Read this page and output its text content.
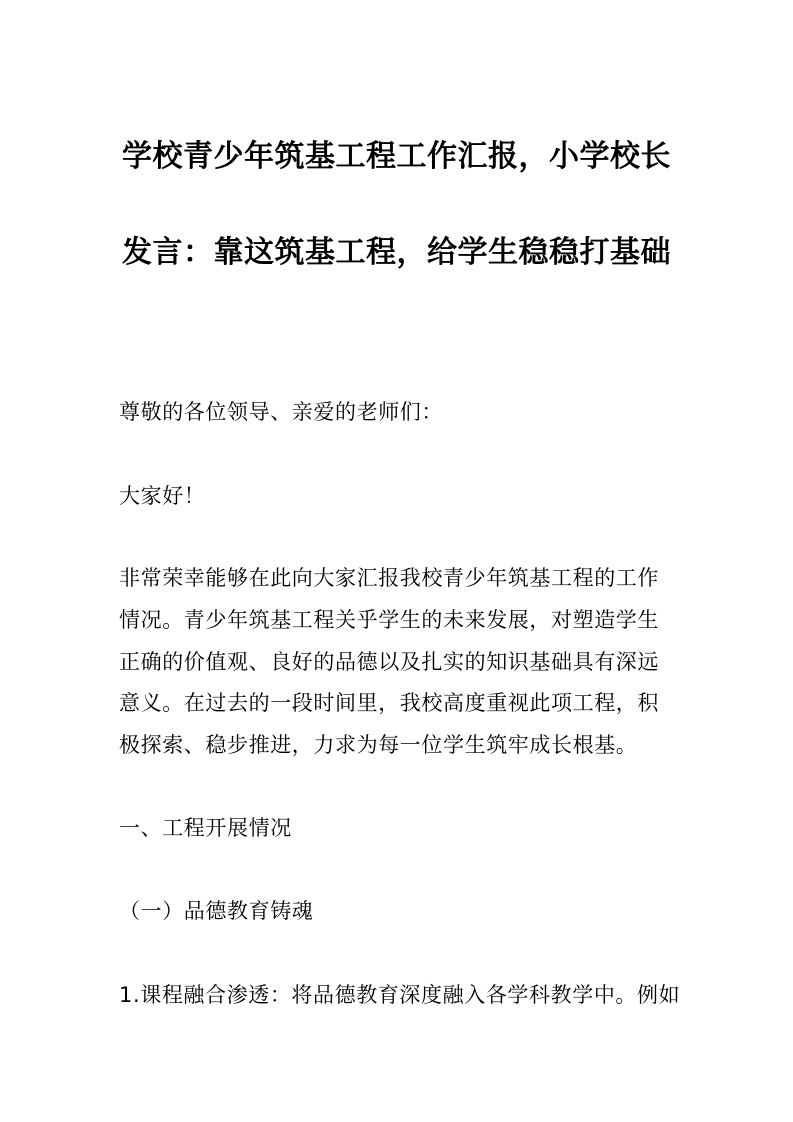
学校青少年筑基工程工作汇报，小学校长
发言：靠这筑基工程，给学生稳稳打基础
尊敬的各位领导、亲爱的老师们：
大家好！
非常荣幸能够在此向大家汇报我校青少年筑基工程的工作
情况。青少年筑基工程关乎学生的未来发展，对塑造学生
正确的价值观、良好的品德以及扎实的知识基础具有深远
意义。在过去的一段时间里，我校高度重视此项工程，积
极探索、稳步推进，力求为每一位学生筑牢成长根基。
一、工程开展情况
（一）品德教育铸魂
1.课程融合渗透：将品德教育深度融入各学科教学中。例如
